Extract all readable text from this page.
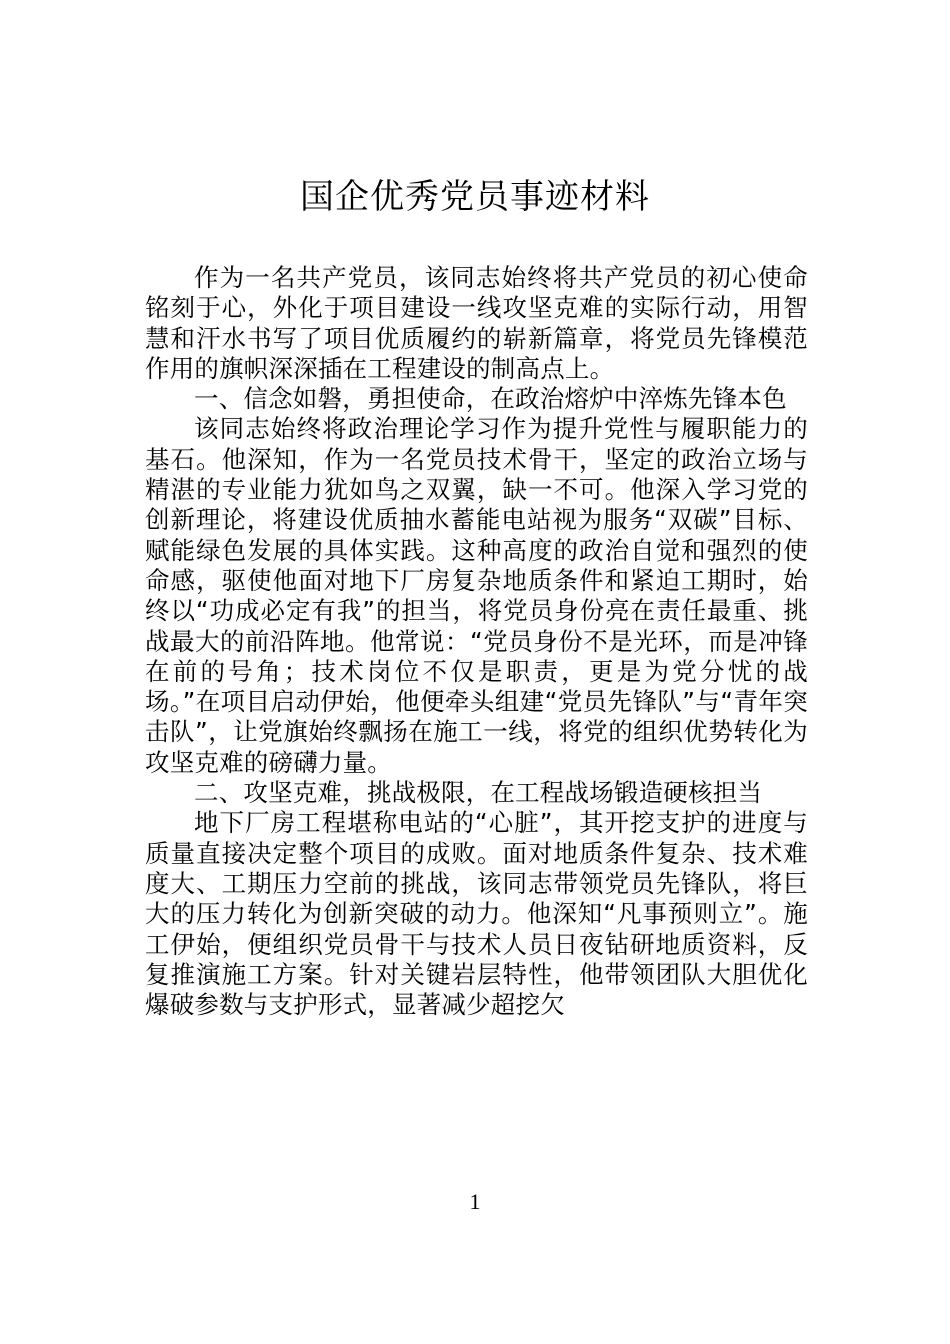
国企优秀党员事迹材料

作为一名共产党员，该同志始终将共产党员的初心使命铭刻于心，外化于项目建设一线攻坚克难的实际行动，用智慧和汗水书写了项目优质履约的崭新篇章，将党员先锋模范作用的旗帜深深插在工程建设的制高点上。

一、信念如磐，勇担使命，在政治熔炉中淬炼先锋本色

该同志始终将政治理论学习作为提升党性与履职能力的基石。他深知，作为一名党员技术骨干，坚定的政治立场与精湛的专业能力犹如鸟之双翼，缺一不可。他深入学习党的创新理论，将建设优质抽水蓄能电站视为服务“双碳”目标、赋能绿色发展的具体实践。这种高度的政治自觉和强烈的使命感，驱使他面对地下厂房复杂地质条件和紧迫工期时，始终以“功成必定有我”的担当，将党员身份亮在责任最重、挑战最大的前沿阵地。他常说：“党员身份不是光环，而是冲锋在前的号角；技术岗位不仅是职责，更是为党分忧的战场。”在项目启动伊始，他便牵头组建“党员先锋队”与“青年突击队”，让党旗始终飘扬在施工一线，将党的组织优势转化为攻坚克难的磅礴力量。

二、攻坚克难，挑战极限，在工程战场锻造硬核担当

地下厂房工程堪称电站的“心脏”，其开挖支护的进度与质量直接决定整个项目的成败。面对地质条件复杂、技术难度大、工期压力空前的挑战，该同志带领党员先锋队，将巨大的压力转化为创新突破的动力。他深知“凡事预则立”。施工伊始，便组织党员骨干与技术人员日夜钻研地质资料，反复推演施工方案。针对关键岩层特性，他带领团队大胆优化爆破参数与支护形式，显著减少超挖欠

1
